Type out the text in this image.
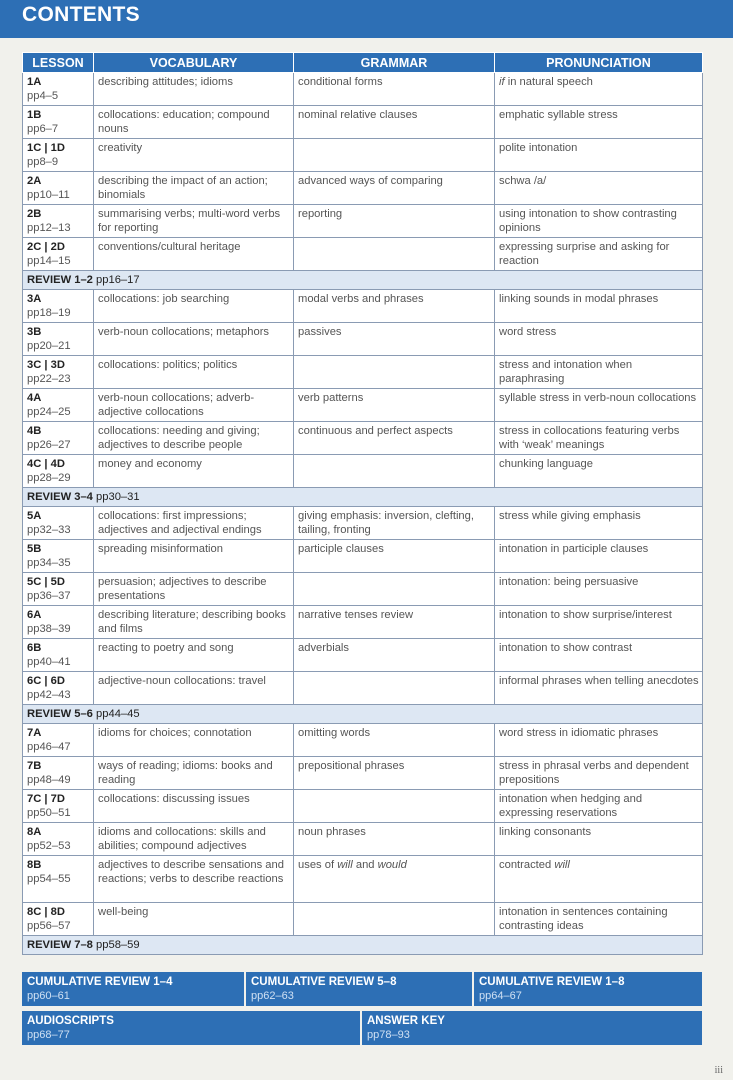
CONTENTS
LESSON	VOCABULARY	GRAMMAR	PRONUNCIATION

1A
pp4–5	describing attitudes; idioms	conditional forms	if in natural speech

1B
pp6–7	collocations: education; compound nouns	nominal relative clauses	emphatic syllable stress

1C | 1D
pp8–9	creativity		polite intonation

2A
pp10–11	describing the impact of an action; binomials	advanced ways of comparing	schwa /a/

2B
pp12–13	summarising verbs; multi-word verbs for reporting	reporting	using intonation to show contrasting opinions

2C | 2D
pp14–15	conventions/cultural heritage		expressing surprise and asking for reaction
REVIEW 1–2 pp16–17			

3A
pp18–19	collocations: job searching	modal verbs and phrases	linking sounds in modal phrases

3B
pp20–21	verb-noun collocations; metaphors	passives	word stress

3C | 3D
pp22–23	collocations: politics; politics		stress and intonation when paraphrasing

4A
pp24–25	verb-noun collocations; adverb-adjective collocations	verb patterns	syllable stress in verb-noun collocations

4B
pp26–27	collocations: needing and giving; adjectives to describe people	continuous and perfect aspects	stress in collocations featuring verbs with ‘weak’ meanings

4C | 4D
pp28–29	money and economy		chunking language
REVIEW 3–4 pp30–31			

5A
pp32–33	collocations: first impressions; adjectives and adjectival endings	giving emphasis: inversion, clefting, tailing, fronting	stress while giving emphasis

5B
pp34–35	spreading misinformation	participle clauses	intonation in participle clauses

5C | 5D
pp36–37	persuasion; adjectives to describe presentations		intonation: being persuasive

6A
pp38–39	describing literature; describing books and films	narrative tenses review	intonation to show surprise/interest

6B
pp40–41	reacting to poetry and song	adverbials	intonation to show contrast

6C | 6D
pp42–43	adjective-noun collocations: travel		informal phrases when telling anecdotes
REVIEW 5–6 pp44–45			

7A
pp46–47	idioms for choices; connotation	omitting words	word stress in idiomatic phrases

7B
pp48–49	ways of reading; idioms: books and reading	prepositional phrases	stress in phrasal verbs and dependent prepositions

7C | 7D
pp50–51	collocations: discussing issues		intonation when hedging and expressing reservations

8A
pp52–53	idioms and collocations: skills and abilities; compound adjectives	noun phrases	linking consonants

8B
pp54–55	adjectives to describe sensations and reactions; verbs to describe reactions	uses of will and would	contracted will

8C | 8D
pp56–57	well-being		intonation in sentences containing contrasting ideas
REVIEW 7–8 pp58–59			
CUMULATIVE REVIEW 1–4
pp60–61
CUMULATIVE REVIEW 5–8
pp62–63
CUMULATIVE REVIEW 1–8
pp64–67
AUDIOSCRIPTS
pp68–77
ANSWER KEY
pp78–93
iii
